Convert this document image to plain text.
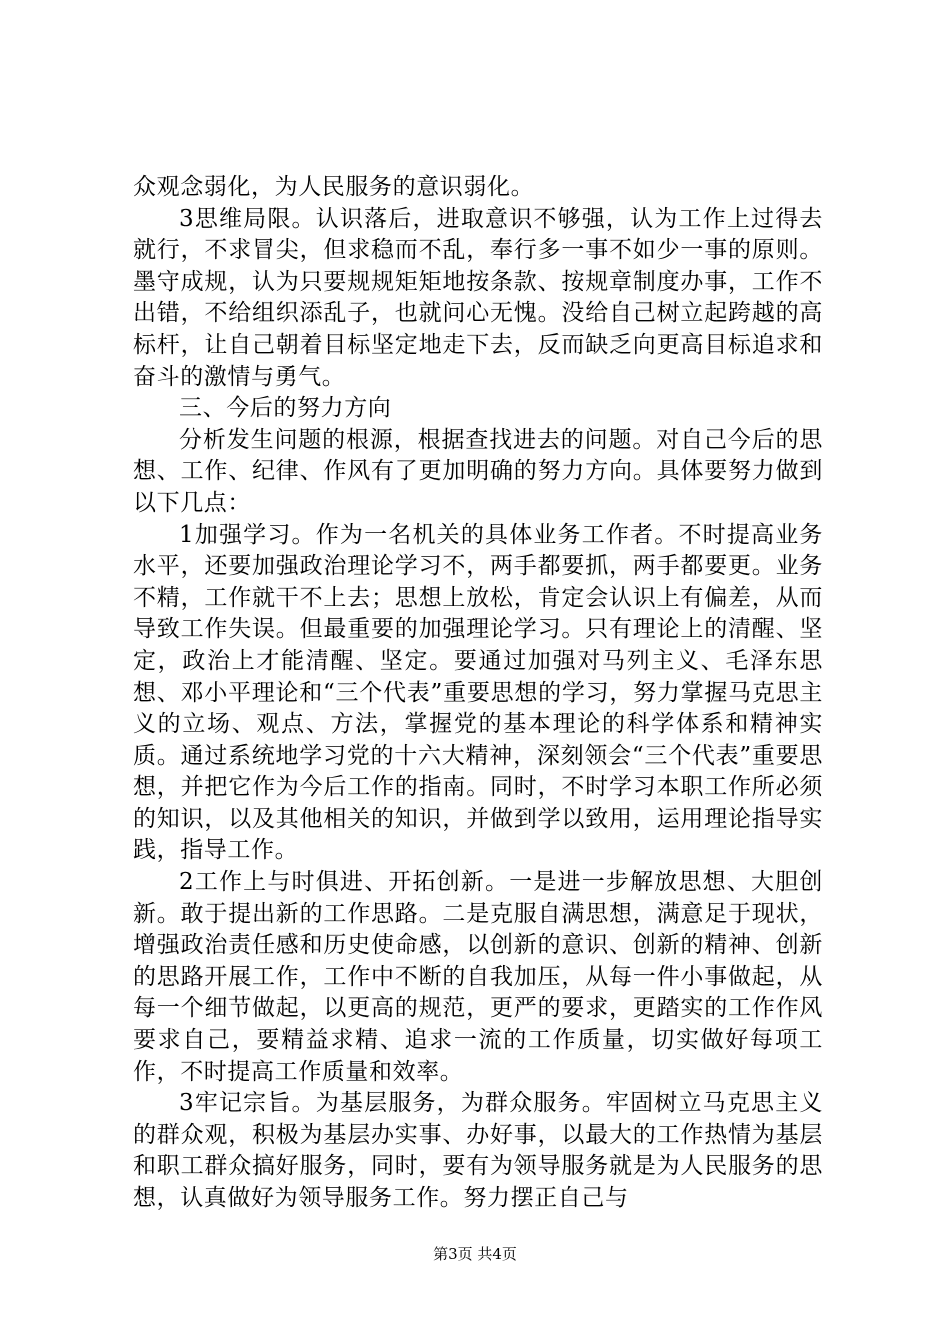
众观念弱化，为人民服务的意识弱化。

3思维局限。认识落后，进取意识不够强，认为工作上过得去就行，不求冒尖，但求稳而不乱，奉行多一事不如少一事的原则。墨守成规，认为只要规规矩矩地按条款、按规章制度办事，工作不出错，不给组织添乱子，也就问心无愧。没给自己树立起跨越的高标杆，让自己朝着目标坚定地走下去，反而缺乏向更高目标追求和奋斗的激情与勇气。

三、今后的努力方向

分析发生问题的根源，根据查找进去的问题。对自己今后的思想、工作、纪律、作风有了更加明确的努力方向。具体要努力做到以下几点：

1加强学习。作为一名机关的具体业务工作者。不时提高业务水平，还要加强政治理论学习不，两手都要抓，两手都要更。业务不精，工作就干不上去；思想上放松，肯定会认识上有偏差，从而导致工作失误。但最重要的加强理论学习。只有理论上的清醒、坚定，政治上才能清醒、坚定。要通过加强对马列主义、毛泽东思想、邓小平理论和“三个代表”重要思想的学习，努力掌握马克思主义的立场、观点、方法，掌握党的基本理论的科学体系和精神实质。通过系统地学习党的十六大精神，深刻领会“三个代表”重要思想，并把它作为今后工作的指南。同时，不时学习本职工作所必须的知识，以及其他相关的知识，并做到学以致用，运用理论指导实践，指导工作。

2工作上与时俱进、开拓创新。一是进一步解放思想、大胆创新。敢于提出新的工作思路。二是克服自满思想，满意足于现状，增强政治责任感和历史使命感，以创新的意识、创新的精神、创新的思路开展工作，工作中不断的自我加压，从每一件小事做起，从每一个细节做起，以更高的规范，更严的要求，更踏实的工作作风要求自己，要精益求精、追求一流的工作质量，切实做好每项工作，不时提高工作质量和效率。

3牢记宗旨。为基层服务，为群众服务。牢固树立马克思主义的群众观，积极为基层办实事、办好事，以最大的工作热情为基层和职工群众搞好服务，同时，要有为领导服务就是为人民服务的思想，认真做好为领导服务工作。努力摆正自己与

第3页 共4页
